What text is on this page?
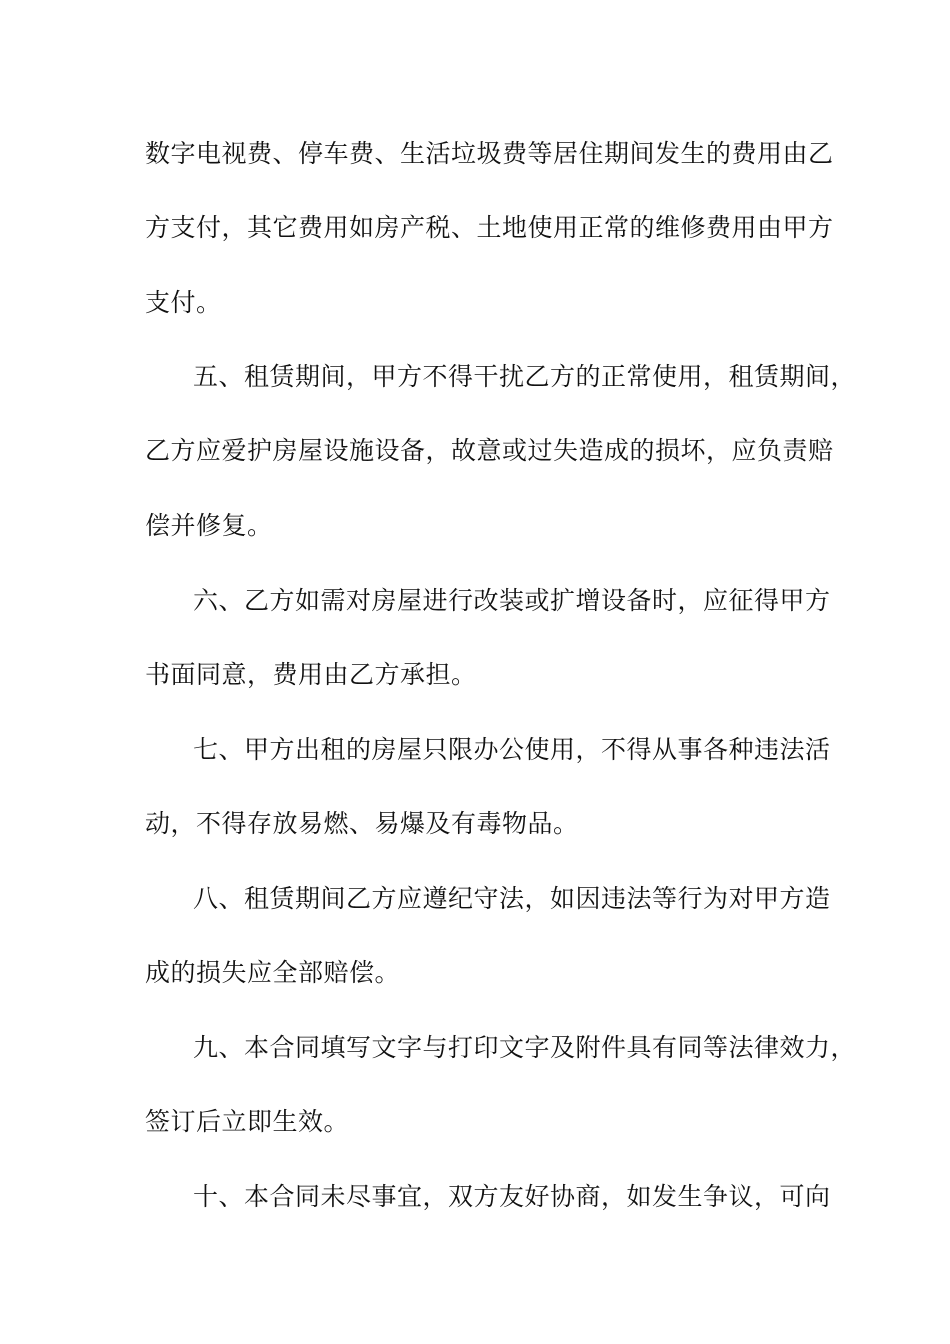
数字电视费、停车费、生活垃圾费等居住期间发生的费用由乙
方支付，其它费用如房产税、土地使用正常的维修费用由甲方
支付。
五、租赁期间，甲方不得干扰乙方的正常使用，租赁期间，
乙方应爱护房屋设施设备，故意或过失造成的损坏，应负责赔
偿并修复。
六、乙方如需对房屋进行改装或扩增设备时，应征得甲方
书面同意，费用由乙方承担。
七、甲方出租的房屋只限办公使用，不得从事各种违法活
动，不得存放易燃、易爆及有毒物品。
八、租赁期间乙方应遵纪守法，如因违法等行为对甲方造
成的损失应全部赔偿。
九、本合同填写文字与打印文字及附件具有同等法律效力，
签订后立即生效。
十、本合同未尽事宜，双方友好协商，如发生争议，可向
